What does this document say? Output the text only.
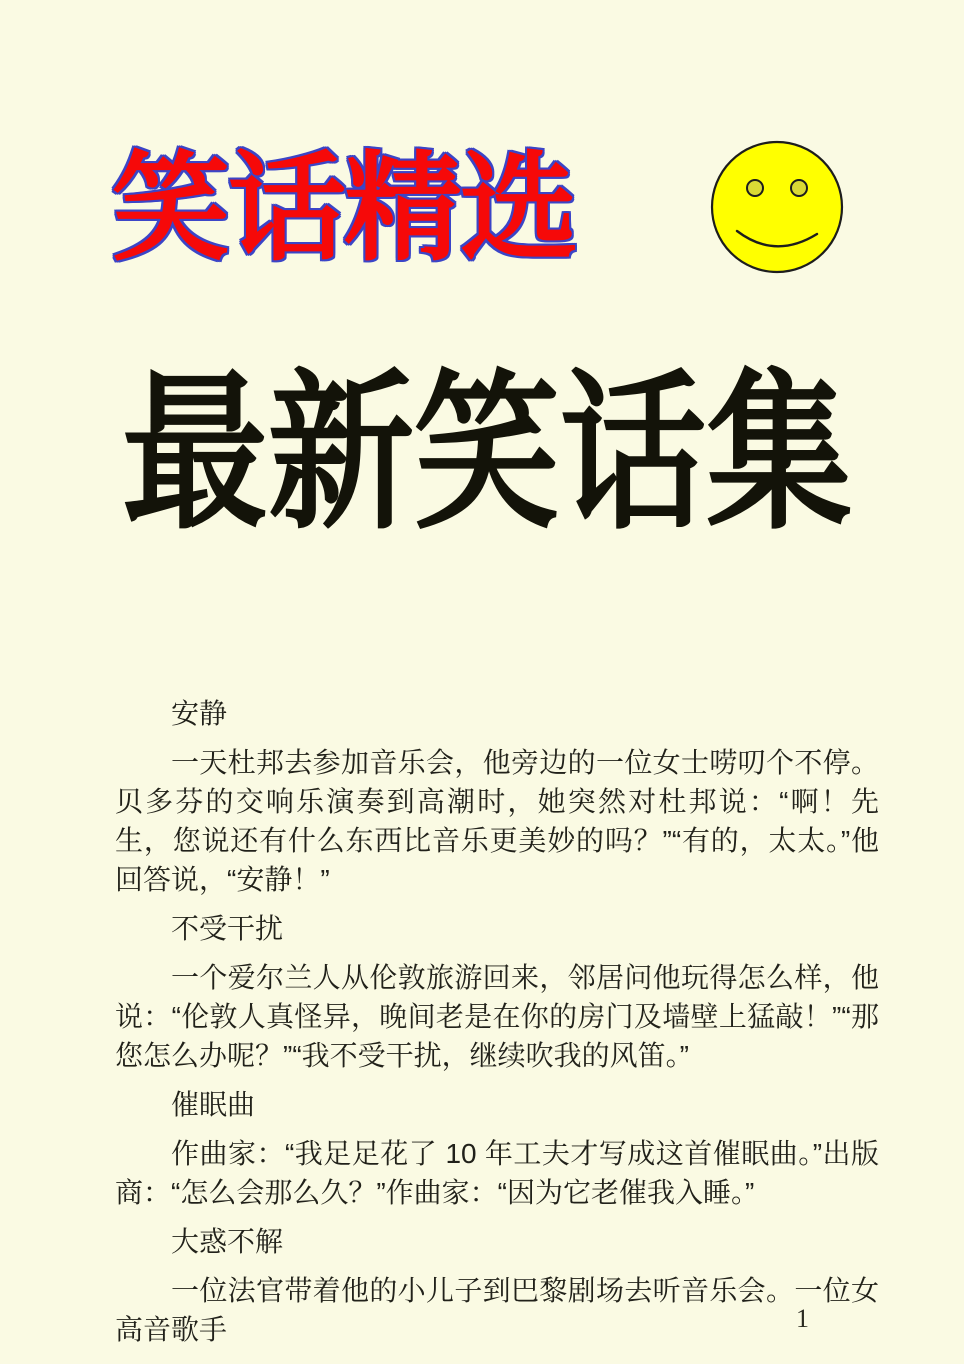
笑话精选
最新笑话集
安静

一天杜邦去参加音乐会，他旁边的一位女士唠叨个不停。贝多芬的交响乐演奏到高潮时，她突然对杜邦说：“啊！先生，您说还有什么东西比音乐更美妙的吗？”“有的，太太。”他回答说，“安静！”

不受干扰

一个爱尔兰人从伦敦旅游回来，邻居问他玩得怎么样，他说：“伦敦人真怪异，晚间老是在你的房门及墙壁上猛敲！”“那您怎么办呢？”“我不受干扰，继续吹我的风笛。”

催眠曲

作曲家：“我足足花了 10 年工夫才写成这首催眠曲。”出版商：“怎么会那么久？”作曲家：“因为它老催我入睡。”

大惑不解

一位法官带着他的小儿子到巴黎剧场去听音乐会。一位女高音歌手	1
